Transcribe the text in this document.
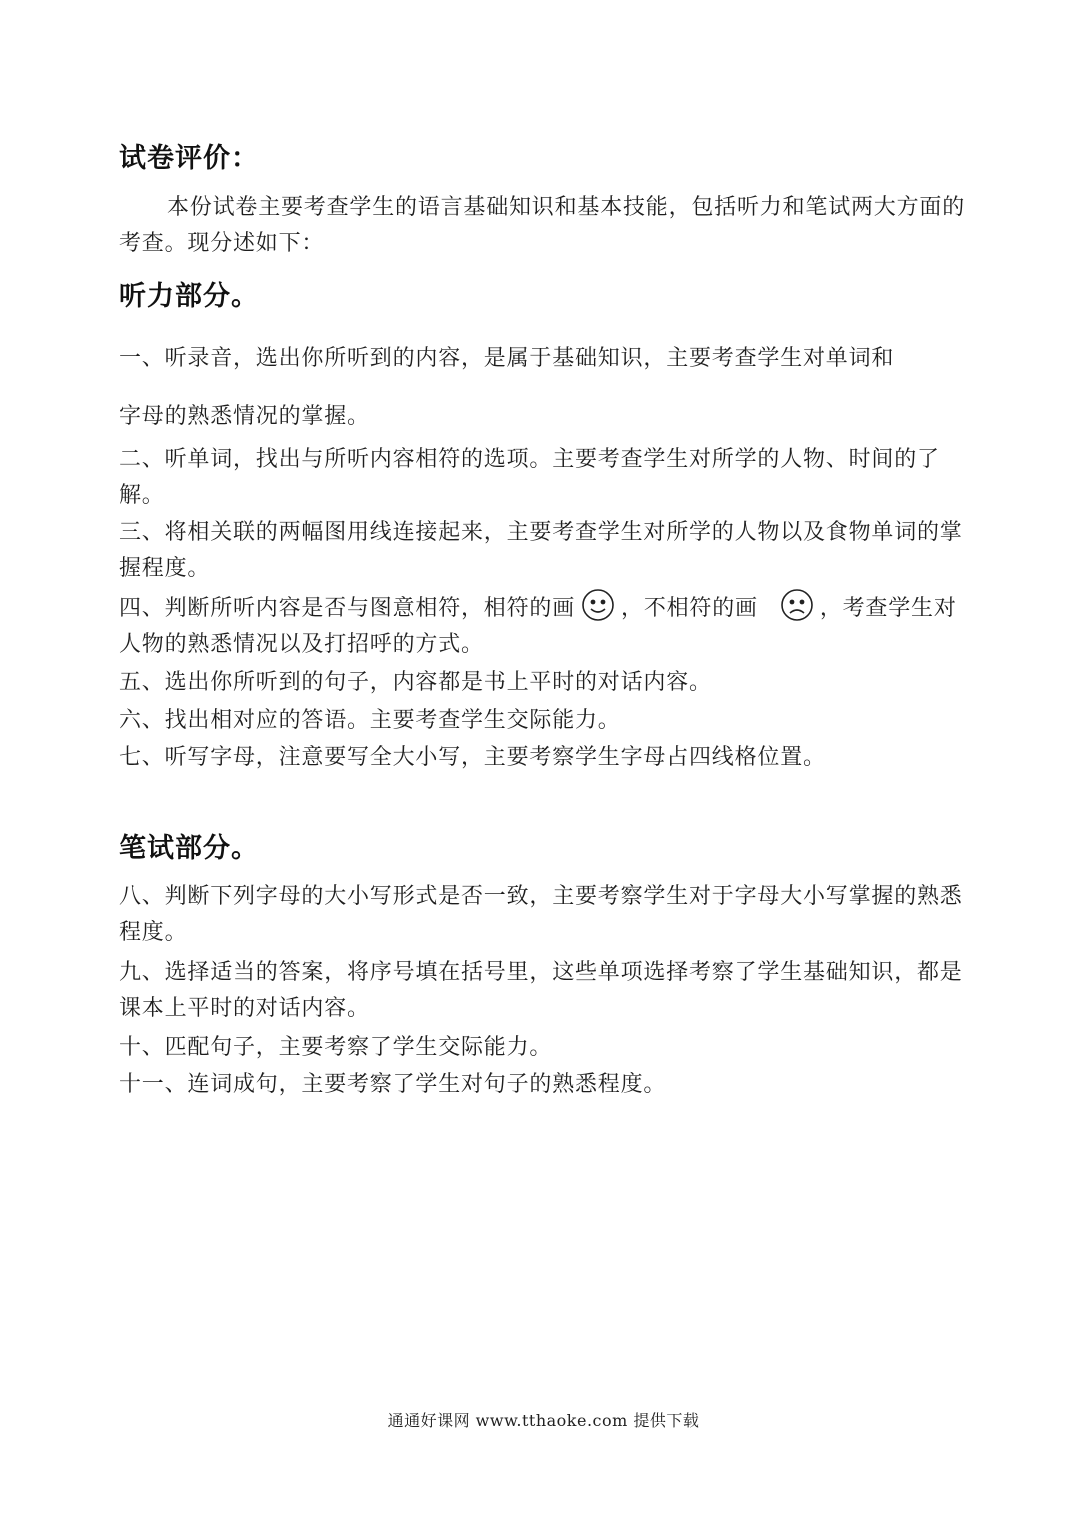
试卷评价：
本份试卷主要考查学生的语言基础知识和基本技能，包括听力和笔试两大方面的考查。现分述如下：
听力部分。
一、听录音，选出你所听到的内容，是属于基础知识，主要考查学生对单词和
字母的熟悉情况的掌握。
二、听单词，找出与所听内容相符的选项。主要考查学生对所学的人物、时间的了解。
三、将相关联的两幅图用线连接起来，主要考查学生对所学的人物以及食物单词的掌握程度。
四、判断所听内容是否与图意相符，相符的画 ，不相符的画	，考查学生对人物的熟悉情况以及打招呼的方式。
五、选出你所听到的句子，内容都是书上平时的对话内容。
六、找出相对应的答语。主要考查学生交际能力。
七、听写字母，注意要写全大小写，主要考察学生字母占四线格位置。
笔试部分。
八、判断下列字母的大小写形式是否一致，主要考察学生对于字母大小写掌握的熟悉程度。
九、选择适当的答案，将序号填在括号里，这些单项选择考察了学生基础知识，都是课本上平时的对话内容。
十、匹配句子，主要考察了学生交际能力。
十一、连词成句，主要考察了学生对句子的熟悉程度。
通通好课网 www.tthaoke.com 提供下载
